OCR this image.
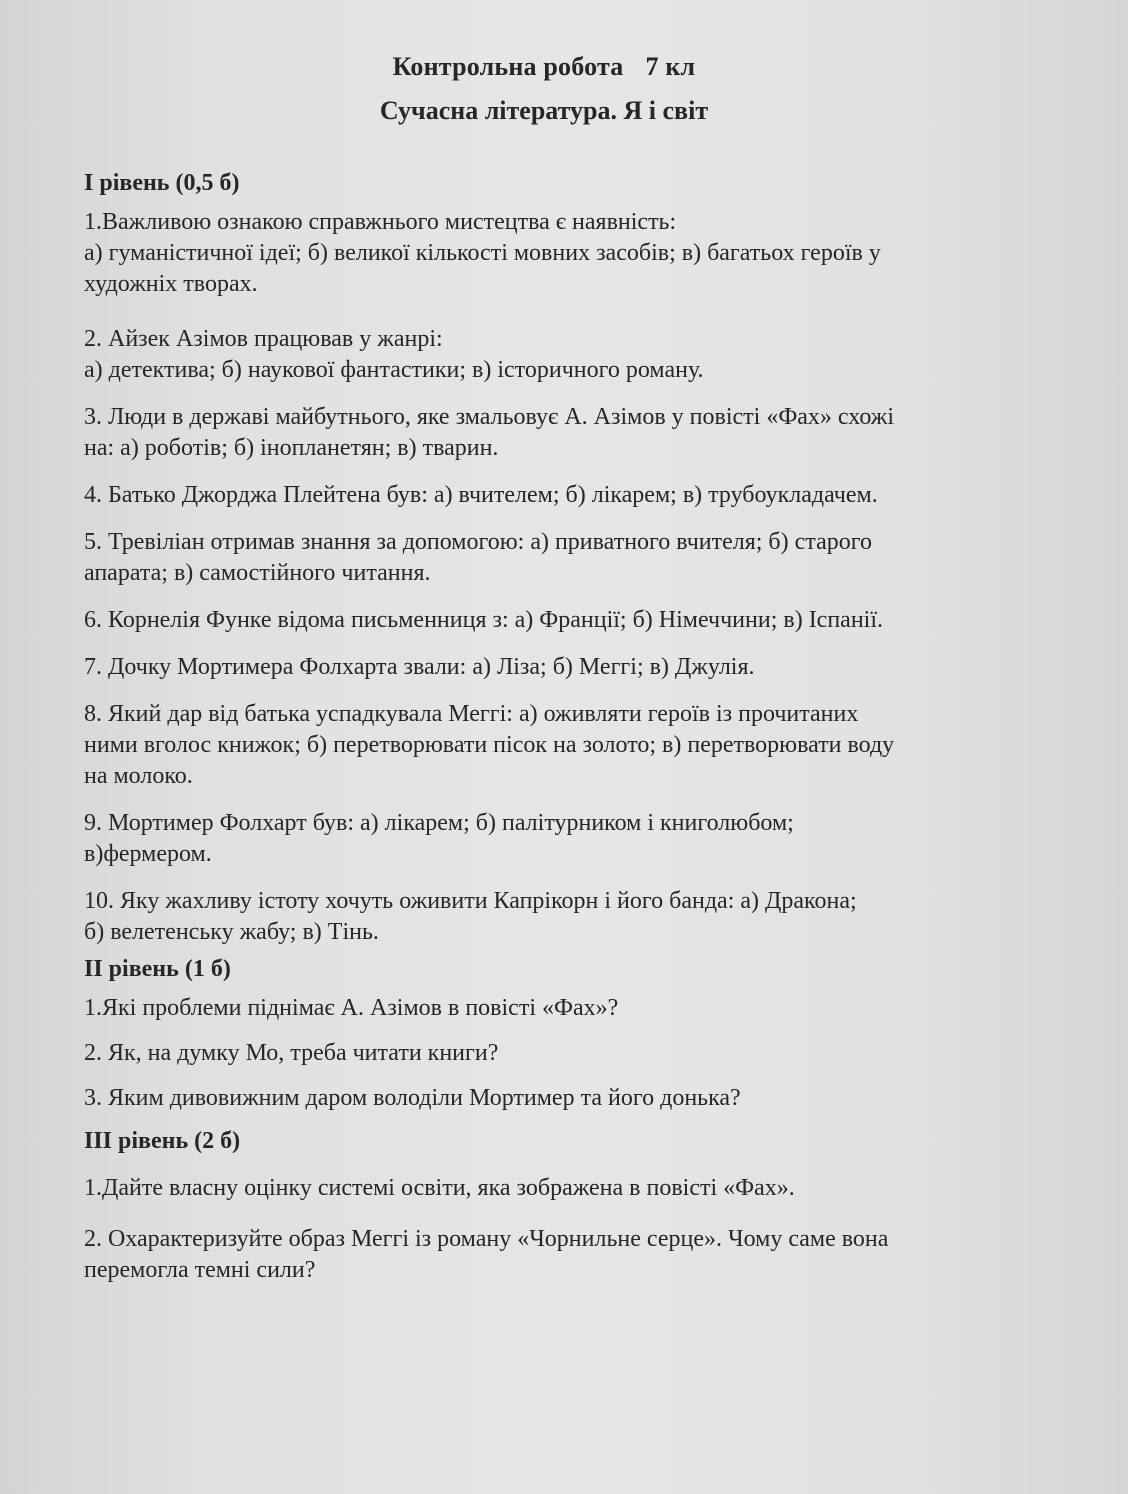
Контрольна робота 7 кл
Сучасна література. Я і світ
І рівень (0,5 б)
1.Важливою ознакою справжнього мистецтва є наявність:
а) гуманістичної ідеї; б) великої кількості мовних засобів; в) багатьох героїв у
художніх творах.
2. Айзек Азімов працював у жанрі:
а) детектива; б) наукової фантастики; в) історичного роману.
3. Люди в державі майбутнього, яке змальовує А. Азімов у повісті «Фах» схожі
на: а) роботів; б) інопланетян; в) тварин.
4. Батько Джорджа Плейтена був: а) вчителем; б) лікарем; в) трубоукладачем.
5. Тревіліан отримав знання за допомогою: а) приватного вчителя; б) старого
апарата; в) самостійного читання.
6. Корнелія Функе відома письменниця з: а) Франції; б) Німеччини; в) Іспанії.
7. Дочку Мортимера Фолхарта звали: а) Ліза; б) Меггі; в) Джулія.
8. Який дар від батька успадкувала Меггі: а) оживляти героїв із прочитаних
ними вголос книжок; б) перетворювати пісок на золото; в) перетворювати воду
на молоко.
9. Мортимер Фолхарт був: а) лікарем; б) палітурником і книголюбом;
в)фермером.
10. Яку жахливу істоту хочуть оживити Капрікорн і його банда: а) Дракона;
б) велетенську жабу; в) Тінь.
ІІ рівень (1 б)
1.Які проблеми піднімає А. Азімов в повісті «Фах»?
2. Як, на думку Мо, треба читати книги?
3. Яким дивовижним даром володіли Мортимер та його донька?
ІІІ рівень (2 б)
1.Дайте власну оцінку системі освіти, яка зображена в повісті «Фах».
2. Охарактеризуйте образ Меггі із роману «Чорнильне серце». Чому саме вона
перемогла темні сили?
